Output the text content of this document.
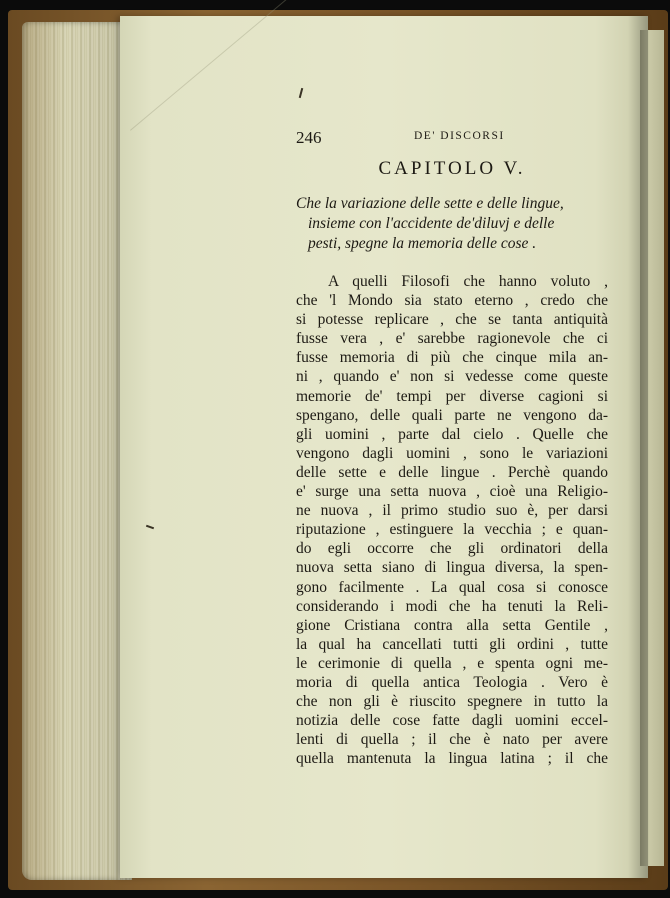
246	DE' DISCORSI
CAPITOLO V.
Che la variazione delle sette e delle lingue,
insieme con l'accidente de'diluvj e delle
pesti, spegne la memoria delle cose .
A quelli Filosofi che hanno voluto ,
che 'l Mondo sia stato eterno , credo che
si potesse replicare , che se tanta antiquità
fusse vera , e' sarebbe ragionevole che ci
fusse memoria di più che cinque mila an-
ni , quando e' non si vedesse come queste
memorie de' tempi per diverse cagioni si
spengano, delle quali parte ne vengono da-
gli uomini , parte dal cielo . Quelle che
vengono dagli uomini , sono le variazioni
delle sette e delle lingue . Perchè quando
e' surge una setta nuova , cioè una Religio-
ne nuova , il primo studio suo è, per darsi
riputazione , estinguere la vecchia ; e quan-
do egli occorre che gli ordinatori della
nuova setta siano di lingua diversa, la spen-
gono facilmente . La qual cosa si conosce
considerando i modi che ha tenuti la Reli-
gione Cristiana contra alla setta Gentile ,
la qual ha cancellati tutti gli ordini , tutte
le cerimonie di quella , e spenta ogni me-
moria di quella antica Teologia . Vero è
che non gli è riuscito spegnere in tutto la
notizia delle cose fatte dagli uomini eccel-
lenti di quella ; il che è nato per avere
quella mantenuta la lingua latina ; il che
